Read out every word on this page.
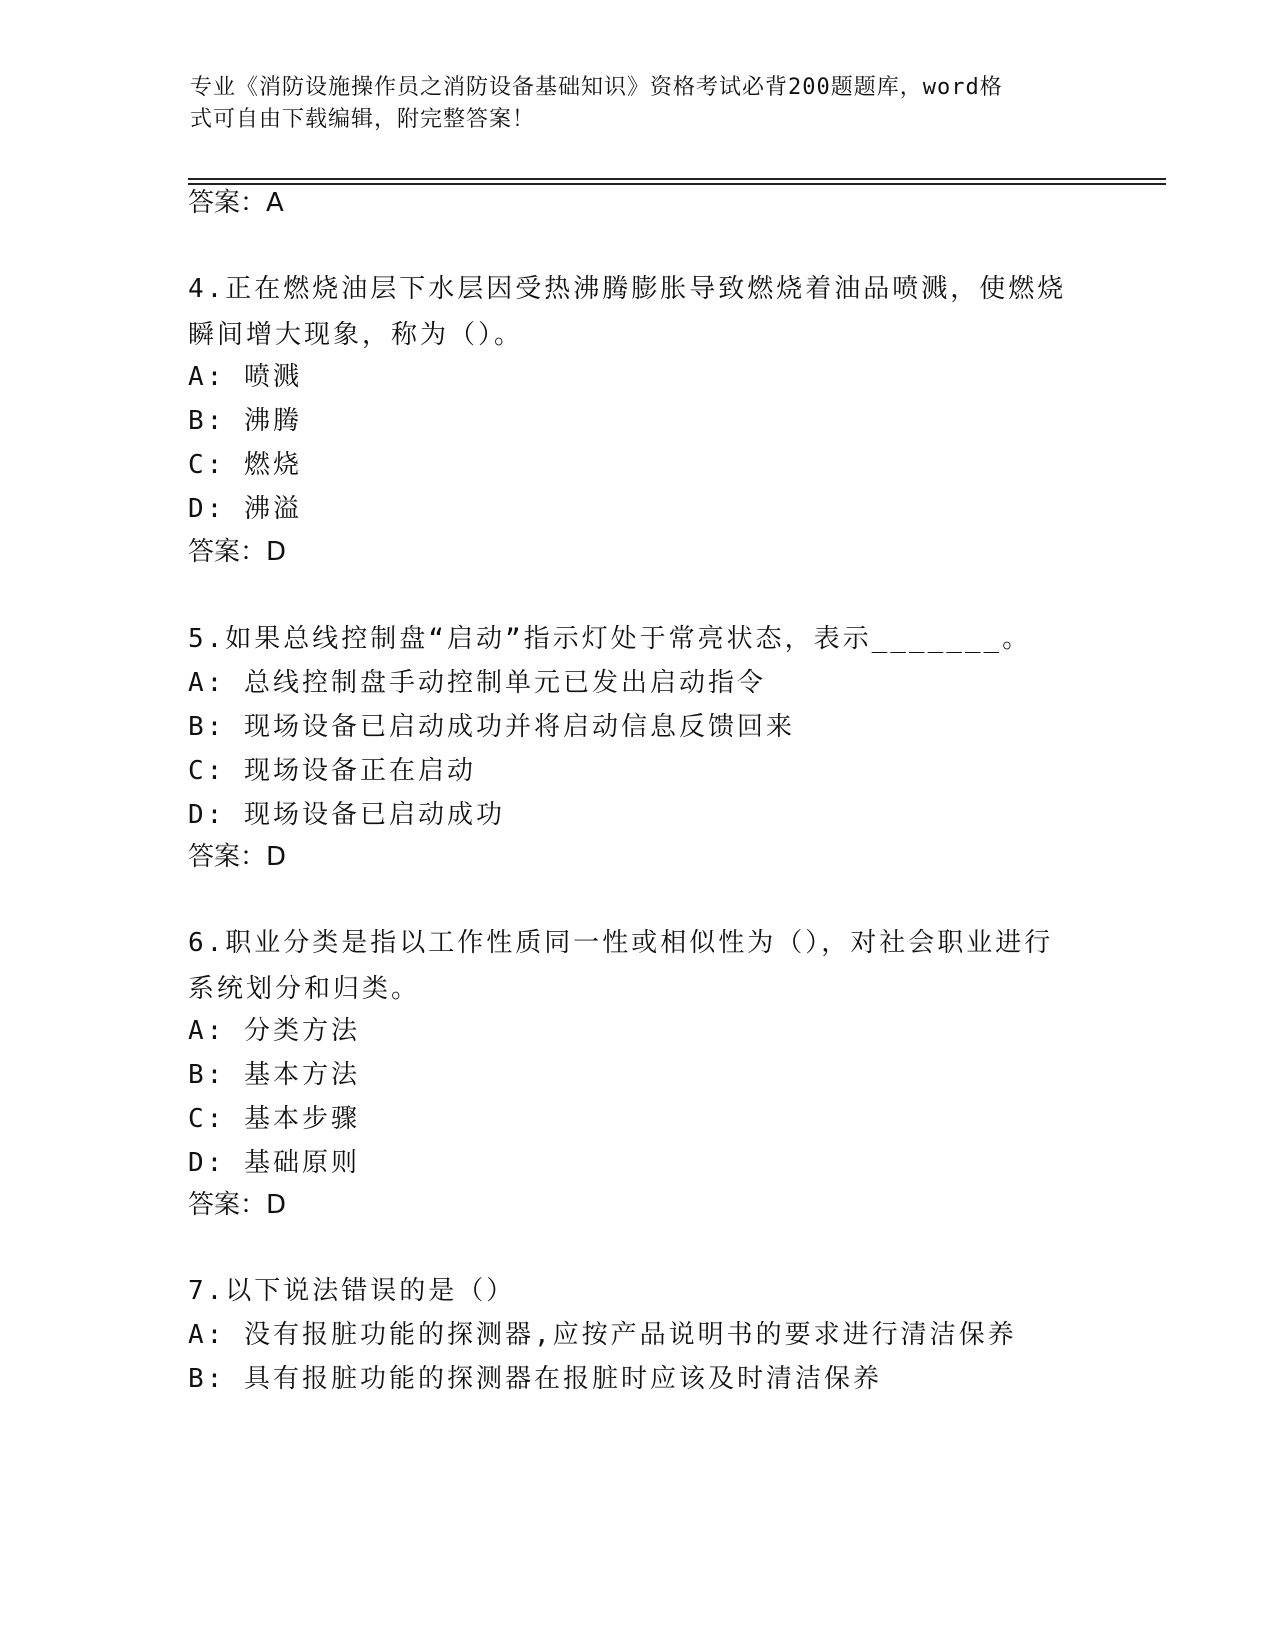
专业《消防设施操作员之消防设备基础知识》资格考试必背200题题库，word格
式可自由下载编辑，附完整答案！
答案：A
4.正在燃烧油层下水层因受热沸腾膨胀导致燃烧着油品喷溅，使燃烧
瞬间增大现象，称为（）。
A: 喷溅
B: 沸腾
C: 燃烧
D: 沸溢
答案：D
5.如果总线控制盘“启动”指示灯处于常亮状态，表示_______。
A: 总线控制盘手动控制单元已发出启动指令
B: 现场设备已启动成功并将启动信息反馈回来
C: 现场设备正在启动
D: 现场设备已启动成功
答案：D
6.职业分类是指以工作性质同一性或相似性为（），对社会职业进行
系统划分和归类。
A: 分类方法
B: 基本方法
C: 基本步骤
D: 基础原则
答案：D
7.以下说法错误的是（）
A: 没有报脏功能的探测器,应按产品说明书的要求进行清洁保养
B: 具有报脏功能的探测器在报脏时应该及时清洁保养
